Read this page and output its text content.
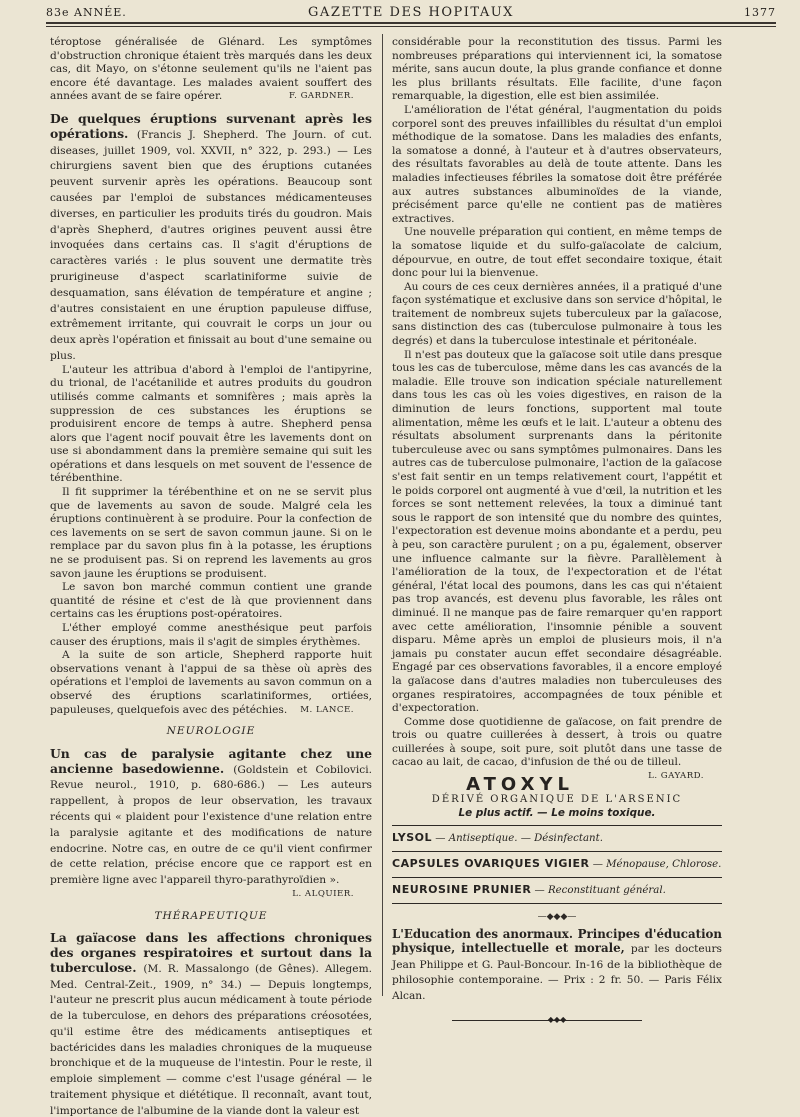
83e ANNÉE.	GAZETTE DES HOPITAUX	1377

téroptose généralisée de Glénard. Les symptômes d'obstruction chronique étaient très marqués dans les deux cas, dit Mayo, on s'étonne seulement qu'ils ne l'aient pas encore été davantage. Les malades avaient souffert des années avant de se faire opérer.	F. GARDNER.

De quelques éruptions survenant après les opérations. (Francis J. Shepherd. The Journ. of cut. diseases, juillet 1909, vol. XXVII, n° 322, p. 293.) — Les chirurgiens savent bien que des éruptions cutanées peuvent survenir après les opérations. Beaucoup sont causées par l'emploi de substances médicamenteuses diverses, en particulier les produits tirés du goudron. Mais d'après Shepherd, d'autres origines peuvent aussi être invoquées dans certains cas. Il s'agit d'éruptions de caractères variés : le plus souvent une dermatite très prurigineuse d'aspect scarlatiniforme suivie de desquamation, sans élévation de température et angine ; d'autres consistaient en une éruption papuleuse diffuse, extrêmement irritante, qui couvrait le corps un jour ou deux après l'opération et finissait au bout d'une semaine ou plus.

L'auteur les attribua d'abord à l'emploi de l'antipyrine, du trional, de l'acétanilide et autres produits du goudron utilisés comme calmants et somnifères ; mais après la suppression de ces substances les éruptions se produisirent encore de temps à autre. Shepherd pensa alors que l'agent nocif pouvait être les lavements dont on use si abondamment dans la première semaine qui suit les opérations et dans lesquels on met souvent de l'essence de térébenthine.

Il fit supprimer la térébenthine et on ne se servit plus que de lavements au savon de soude. Malgré cela les éruptions continuèrent à se produire. Pour la confection de ces lavements on se sert de savon commun jaune. Si on le remplace par du savon plus fin à la potasse, les éruptions ne se produisent pas. Si on reprend les lavements au gros savon jaune les éruptions se produisent.

Le savon bon marché commun contient une grande quantité de résine et c'est de là que proviennent dans certains cas les éruptions post-opératoires.

L'éther employé comme anesthésique peut parfois causer des éruptions, mais il s'agit de simples érythèmes.

A la suite de son article, Shepherd rapporte huit observations venant à l'appui de sa thèse où après des opérations et l'emploi de lavements au savon commun on a observé des éruptions scarlatiniformes, ortiées, papuleuses, quelquefois avec des pétéchies. M. LANCE.

NEUROLOGIE
Un cas de paralysie agitante chez une ancienne basedowienne. (Goldstein et Cobilovici. Revue neurol., 1910, p. 680-686.) — Les auteurs rappellent, à propos de leur observation, les travaux récents qui « plaident pour l'existence d'une relation entre la paralysie agitante et des modifications de nature endocrine. Notre cas, en outre de ce qu'il vient confirmer de cette relation, précise encore que ce rapport est en première ligne avec l'appareil thyro-parathyroïdien ».
L. ALQUIER.
THÉRAPEUTIQUE
La gaïacose dans les affections chroniques des organes respiratoires et surtout dans la tuberculose. (M. R. Massalongo (de Gênes). Allegem. Med. Central-Zeit., 1909, n° 34.) — Depuis longtemps, l'auteur ne prescrit plus aucun médicament à toute période de la tuberculose, en dehors des préparations créosotées, qu'il estime être des médicaments antiseptiques et bactéricides dans les maladies chroniques de la muqueuse bronchique et de la muqueuse de l'intestin. Pour le reste, il emploie simplement — comme c'est l'usage général — le traitement physique et diététique. Il reconnaît, avant tout, l'importance de l'albumine de la viande dont la valeur est

considérable pour la reconstitution des tissus. Parmi les nombreuses préparations qui interviennent ici, la somatose mérite, sans aucun doute, la plus grande confiance et donne les plus brillants résultats. Elle facilite, d'une façon remarquable, la digestion, elle est bien assimilée.

L'amélioration de l'état général, l'augmentation du poids corporel sont des preuves infaillibles du résultat d'un emploi méthodique de la somatose. Dans les maladies des enfants, la somatose a donné, à l'auteur et à d'autres observateurs, des résultats favorables au delà de toute attente. Dans les maladies infectieuses fébriles la somatose doit être préférée aux autres substances albuminoïdes de la viande, précisément parce qu'elle ne contient pas de matières extractives.

Une nouvelle préparation qui contient, en même temps de la somatose liquide et du sulfo-gaïacolate de calcium, dépourvue, en outre, de tout effet secondaire toxique, était donc pour lui la bienvenue.

Au cours de ces ceux dernières années, il a pratiqué d'une façon systématique et exclusive dans son service d'hôpital, le traitement de nombreux sujets tuberculeux par la gaïacose, sans distinction des cas (tuberculose pulmonaire à tous les degrés) et dans la tuberculose intestinale et péritonéale.

Il n'est pas douteux que la gaïacose soit utile dans presque tous les cas de tuberculose, même dans les cas avancés de la maladie. Elle trouve son indication spéciale naturellement dans tous les cas où les voies digestives, en raison de la diminution de leurs fonctions, supportent mal toute alimentation, même les œufs et le lait. L'auteur a obtenu des résultats absolument surprenants dans la péritonite tuberculeuse avec ou sans symptômes pulmonaires. Dans les autres cas de tuberculose pulmonaire, l'action de la gaïacose s'est fait sentir en un temps relativement court, l'appétit et le poids corporel ont augmenté à vue d'œil, la nutrition et les forces se sont nettement relevées, la toux a diminué tant sous le rapport de son intensité que du nombre des quintes, l'expectoration est devenue moins abondante et a perdu, peu à peu, son caractère purulent ; on a pu, également, observer une influence calmante sur la fièvre. Parallèlement à l'amélioration de la toux, de l'expectoration et de l'état général, l'état local des poumons, dans les cas qui n'étaient pas trop avancés, est devenu plus favorable, les râles ont diminué. Il ne manque pas de faire remarquer qu'en rapport avec cette amélioration, l'insomnie pénible a souvent disparu. Même après un emploi de plusieurs mois, il n'a jamais pu constater aucun effet secondaire désagréable. Engagé par ces observations favorables, il a encore employé la gaïacose dans d'autres maladies non tuberculeuses des organes respiratoires, accompagnées de toux pénible et d'expectoration.

Comme dose quotidienne de gaïacose, on fait prendre de trois ou quatre cuillerées à dessert, à trois ou quatre cuillerées à soupe, soit pure, soit plutôt dans une tasse de cacao au lait, de cacao, d'infusion de thé ou de tilleul.
L. GAYARD.

ATOXYL
DÉRIVÉ ORGANIQUE DE L'ARSENIC
Le plus actif. — Le moins toxique.
LYSOL — Antiseptique. — Désinfectant.
CAPSULES OVARIQUES VIGIER — Ménopause, Chlorose.
NEUROSINE PRUNIER — Reconstituant général.
—◆◆◆—
L'Education des anormaux. Principes d'éducation physique, intellectuelle et morale, par les docteurs Jean Philippe et G. Paul-Boncour. In-16 de la bibliothèque de philosophie contemporaine. — Prix : 2 fr. 50. — Paris Félix Alcan.
◆◆◆
